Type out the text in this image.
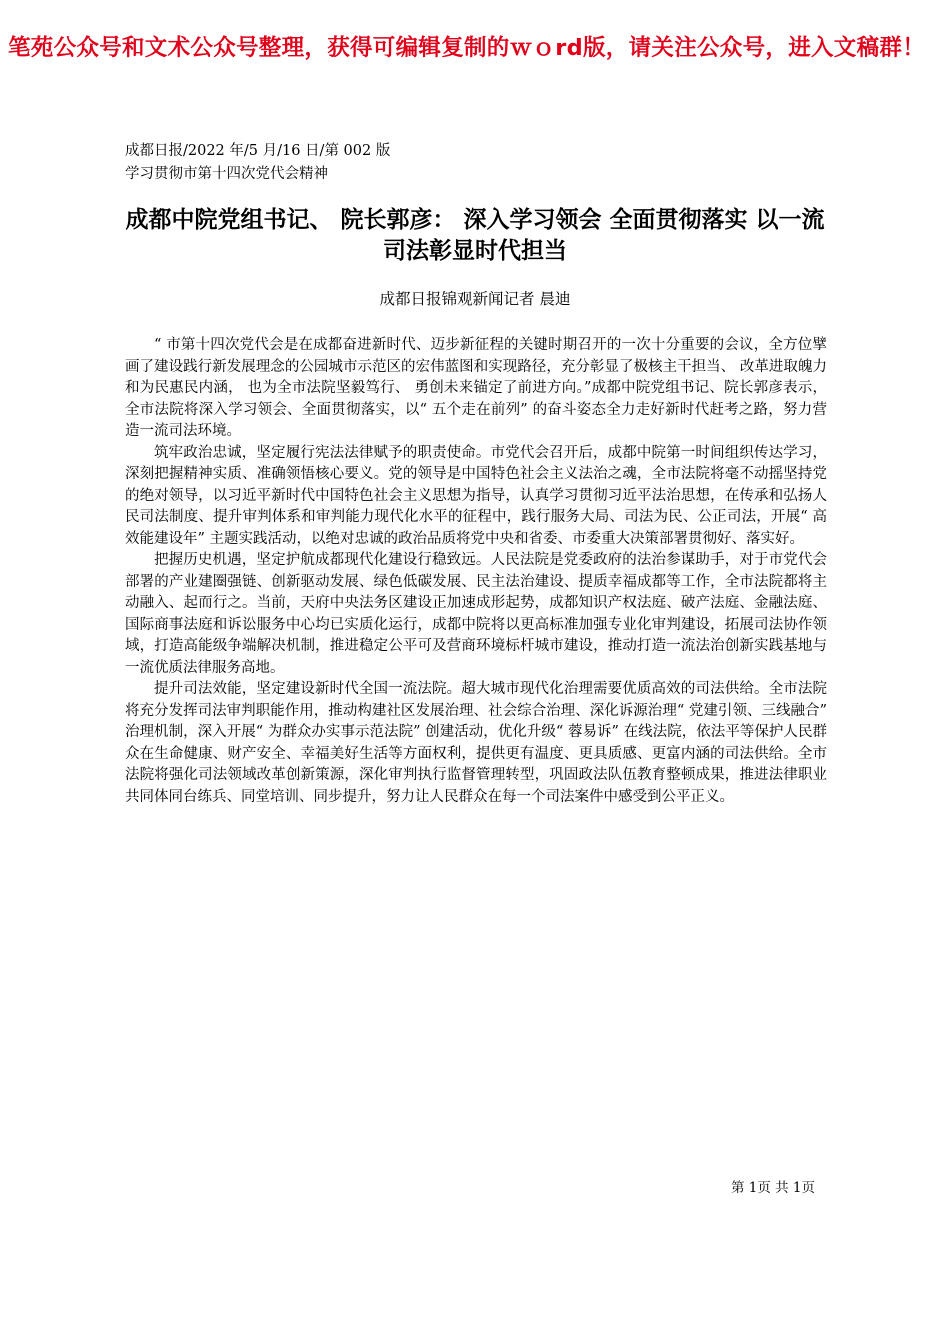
笔苑公众号和文术公众号整理，获得可编辑复制的ｗｏrd版，请关注公众号，进入文稿群！
成都日报/2022 年/5 月/16 日/第 002 版学习贯彻市第十四次党代会精神
成都中院党组书记、 院长郭彦： 深入学习领会 全面贯彻落实 以一流司法彰显时代担当
成都日报锦观新闻记者 晨迪

“ 市第十四次党代会是在成都奋进新时代、迈步新征程的关键时期召开的一次十分重要的会议，全方位擘画了建设践行新发展理念的公园城市示范区的宏伟蓝图和实现路径，充分彰显了极核主干担当、 改革进取魄力和为民惠民内涵， 也为全市法院坚毅笃行、 勇创未来锚定了前进方向。”成都中院党组书记、院长郭彦表示，全市法院将深入学习领会、全面贯彻落实，以“ 五个走在前列” 的奋斗姿态全力走好新时代赶考之路，努力营造一流司法环境。

筑牢政治忠诚，坚定履行宪法法律赋予的职责使命。市党代会召开后，成都中院第一时间组织传达学习，深刻把握精神实质、准确领悟核心要义。党的领导是中国特色社会主义法治之魂，全市法院将毫不动摇坚持党的绝对领导，以习近平新时代中国特色社会主义思想为指导，认真学习贯彻习近平法治思想，在传承和弘扬人民司法制度、提升审判体系和审判能力现代化水平的征程中，践行服务大局、司法为民、公正司法，开展“ 高效能建设年” 主题实践活动，以绝对忠诚的政治品质将党中央和省委、市委重大决策部署贯彻好、落实好。

把握历史机遇，坚定护航成都现代化建设行稳致远。人民法院是党委政府的法治参谋助手，对于市党代会部署的产业建圈强链、创新驱动发展、绿色低碳发展、民主法治建设、提质幸福成都等工作，全市法院都将主动融入、起而行之。当前，天府中央法务区建设正加速成形起势，成都知识产权法庭、破产法庭、金融法庭、国际商事法庭和诉讼服务中心均已实质化运行，成都中院将以更高标准加强专业化审判建设，拓展司法协作领域，打造高能级争端解决机制，推进稳定公平可及营商环境标杆城市建设，推动打造一流法治创新实践基地与一流优质法律服务高地。

提升司法效能，坚定建设新时代全国一流法院。超大城市现代化治理需要优质高效的司法供给。全市法院将充分发挥司法审判职能作用，推动构建社区发展治理、社会综合治理、深化诉源治理“ 党建引领、三线融合” 治理机制，深入开展“ 为群众办实事示范法院” 创建活动，优化升级“ 蓉易诉” 在线法院，依法平等保护人民群众在生命健康、财产安全、幸福美好生活等方面权利，提供更有温度、更具质感、更富内涵的司法供给。全市法院将强化司法领域改革创新策源，深化审判执行监督管理转型，巩固政法队伍教育整顿成果，推进法律职业共同体同台练兵、同堂培训、同步提升，努力让人民群众在每一个司法案件中感受到公平正义。

第 1页 共 1页
